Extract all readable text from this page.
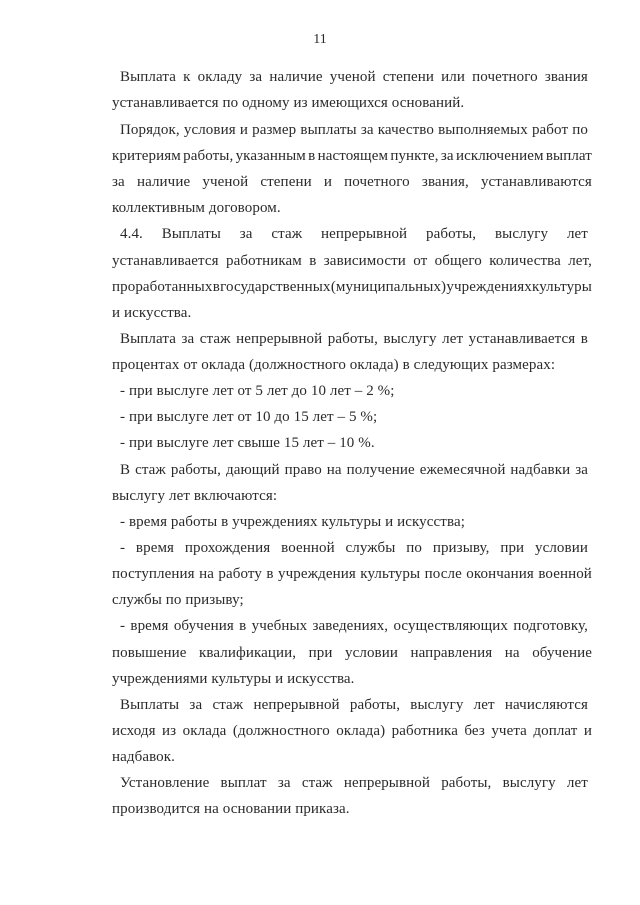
11
Выплата к окладу за наличие ученой степени или почетного звания
устанавливается по одному из имеющихся оснований.
Порядок, условия и размер выплаты за качество выполняемых работ по
критериям работы, указанным в настоящем пункте, за исключением выплат
за наличие ученой степени и почетного звания, устанавливаются
коллективным договором.
4.4. Выплаты за стаж непрерывной работы, выслугу лет
устанавливается работникам в зависимости от общего количества лет,
проработанных в государственных (муниципальных) учреждениях культуры
и искусства.
Выплата за стаж непрерывной работы, выслугу лет устанавливается в
процентах от оклада (должностного оклада) в следующих размерах:
- при выслуге лет от 5 лет до 10 лет – 2 %;
- при выслуге лет от 10 до 15 лет – 5 %;
- при выслуге лет свыше 15 лет – 10 %.
В стаж работы, дающий право на получение ежемесячной надбавки за
выслугу лет включаются:
- время работы в учреждениях культуры и искусства;
- время прохождения военной службы по призыву, при условии
поступления на работу в учреждения культуры после окончания военной
службы по призыву;
- время обучения в учебных заведениях, осуществляющих подготовку,
повышение квалификации, при условии направления на обучение
учреждениями культуры и искусства.
Выплаты за стаж непрерывной работы, выслугу лет начисляются
исходя из оклада (должностного оклада) работника без учета доплат и
надбавок.
Установление выплат за стаж непрерывной работы, выслугу лет
производится на основании приказа.
